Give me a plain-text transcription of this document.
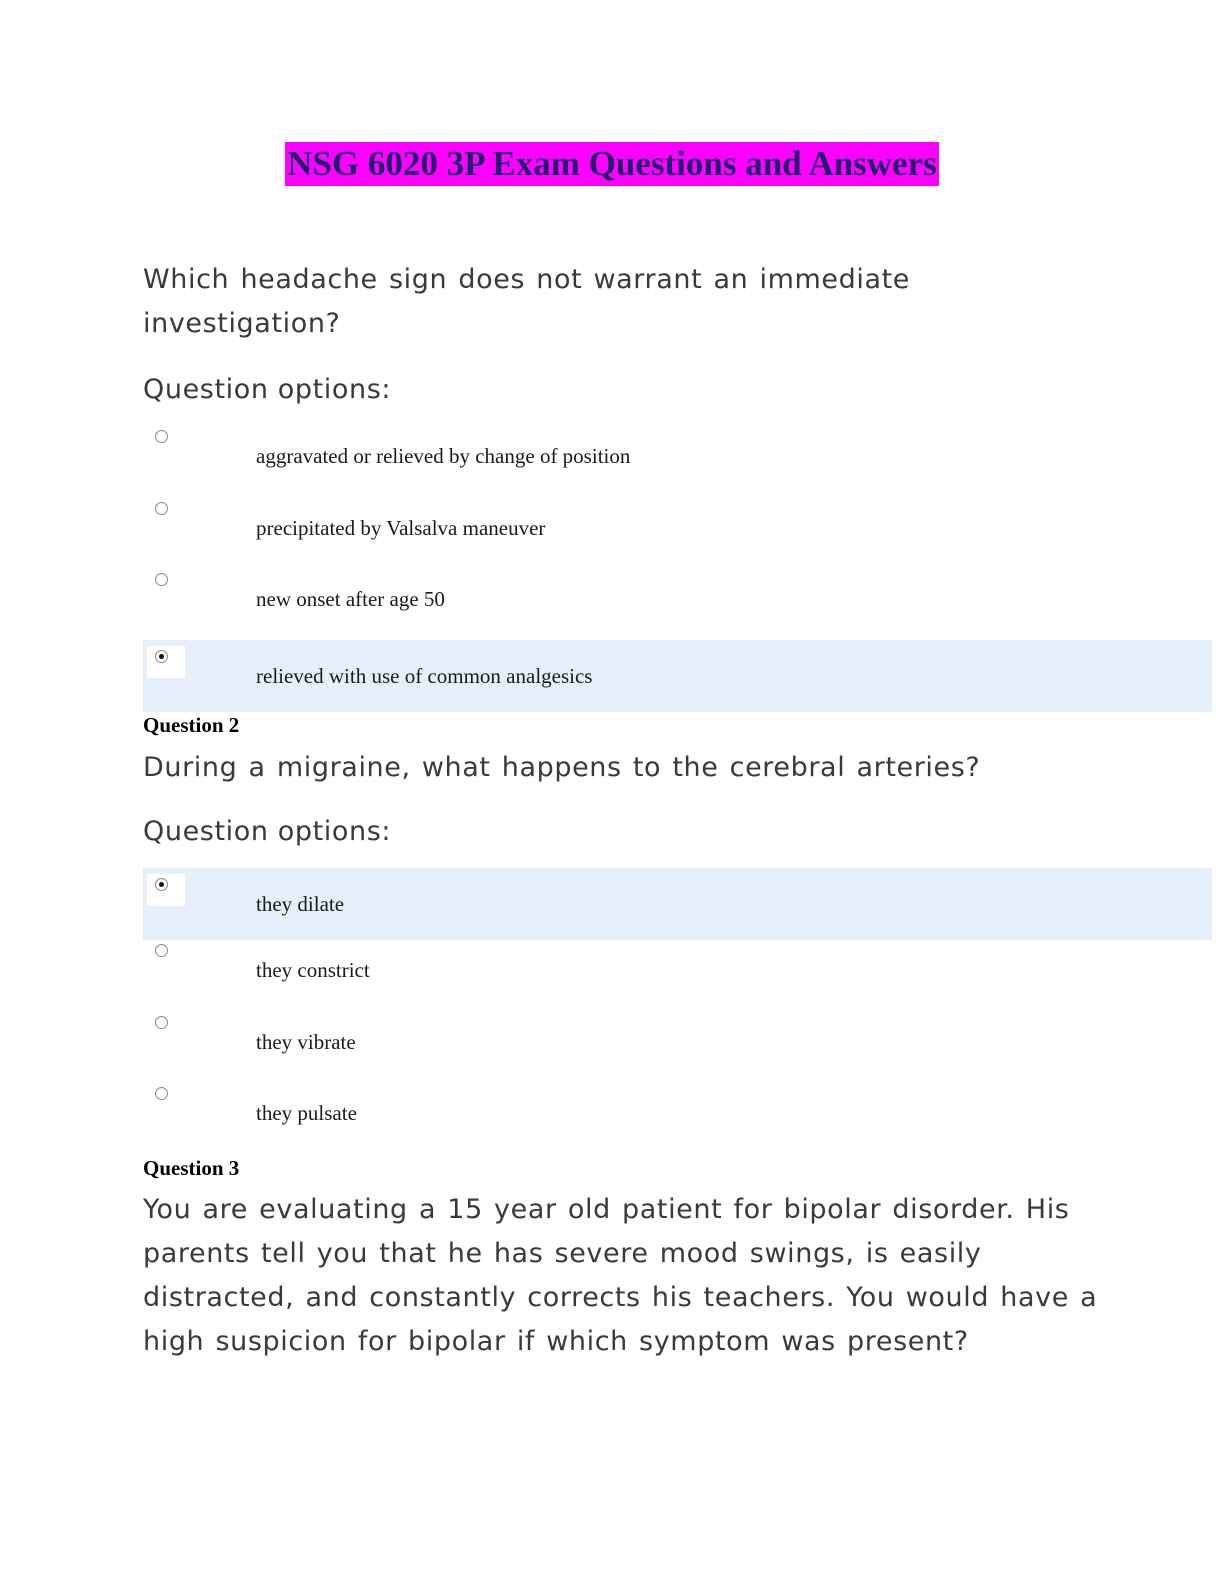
NSG 6020 3P Exam Questions and Answers
Which headache sign does not warrant an immediate investigation?
Question options:
aggravated or relieved by change of position
precipitated by Valsalva maneuver
new onset after age 50
relieved with use of common analgesics
Question 2
During a migraine, what happens to the cerebral arteries?
Question options:
they dilate
they constrict
they vibrate
they pulsate
Question 3
You are evaluating a 15 year old patient for bipolar disorder. His parents tell you that he has severe mood swings, is easily distracted, and constantly corrects his teachers. You would have a high suspicion for bipolar if which symptom was present?
